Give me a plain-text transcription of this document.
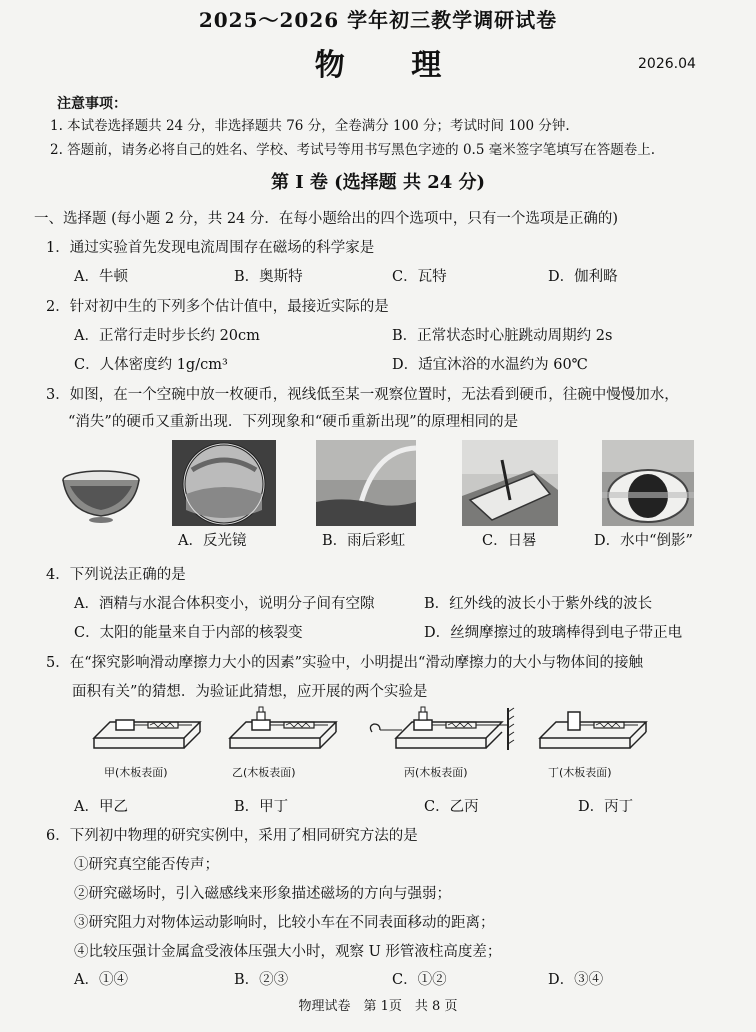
2025～2026 学年初三教学调研试卷
物 理	2026.04
注意事项：
1. 本试卷选择题共 24 分，非选择题共 76 分，全卷满分 100 分；考试时间 100 分钟.
2. 答题前，请务必将自己的姓名、学校、考试号等用书写黑色字迹的 0.5 毫米签字笔填写在答题卷上.
第 I 卷 (选择题 共 24 分)
一、选择题 (每小题 2 分，共 24 分．在每小题给出的四个选项中，只有一个选项是正确的)
1．通过实验首先发现电流周围存在磁场的科学家是
A．牛顿	B．奥斯特	C．瓦特	D．伽利略
2．针对初中生的下列多个估计值中，最接近实际的是
A．正常行走时步长约 20cm	B．正常状态时心脏跳动周期约 2s
C．人体密度约 1g/cm³	D．适宜沐浴的水温约为 60℃
3．如图，在一个空碗中放一枚硬币，视线低至某一观察位置时，无法看到硬币，往碗中慢慢加水，
“消失”的硬币又重新出现．下列现象和“硬币重新出现”的原理相同的是
A．反光镜	B．雨后彩虹	C．日晷	D．水中“倒影”
4．下列说法正确的是
A．酒精与水混合体积变小，说明分子间有空隙	B．红外线的波长小于紫外线的波长
C．太阳的能量来自于内部的核裂变	D．丝绸摩擦过的玻璃棒得到电子带正电
5．在“探究影响滑动摩擦力大小的因素”实验中，小明提出“滑动摩擦力的大小与物体间的接触
面积有关”的猜想．为验证此猜想，应开展的两个实验是
甲(木板表面)	乙(木板表面)	丙(木板表面)	丁(木板表面)
A．甲乙	B．甲丁	C．乙丙	D．丙丁
6．下列初中物理的研究实例中，采用了相同研究方法的是
①研究真空能否传声；
②研究磁场时，引入磁感线来形象描述磁场的方向与强弱；
③研究阻力对物体运动影响时，比较小车在不同表面移动的距离；
④比较压强计金属盒受液体压强大小时，观察 U 形管液柱高度差；
A．①④	B．②③	C．①②	D．③④
物理试卷　第 1页　共 8 页
